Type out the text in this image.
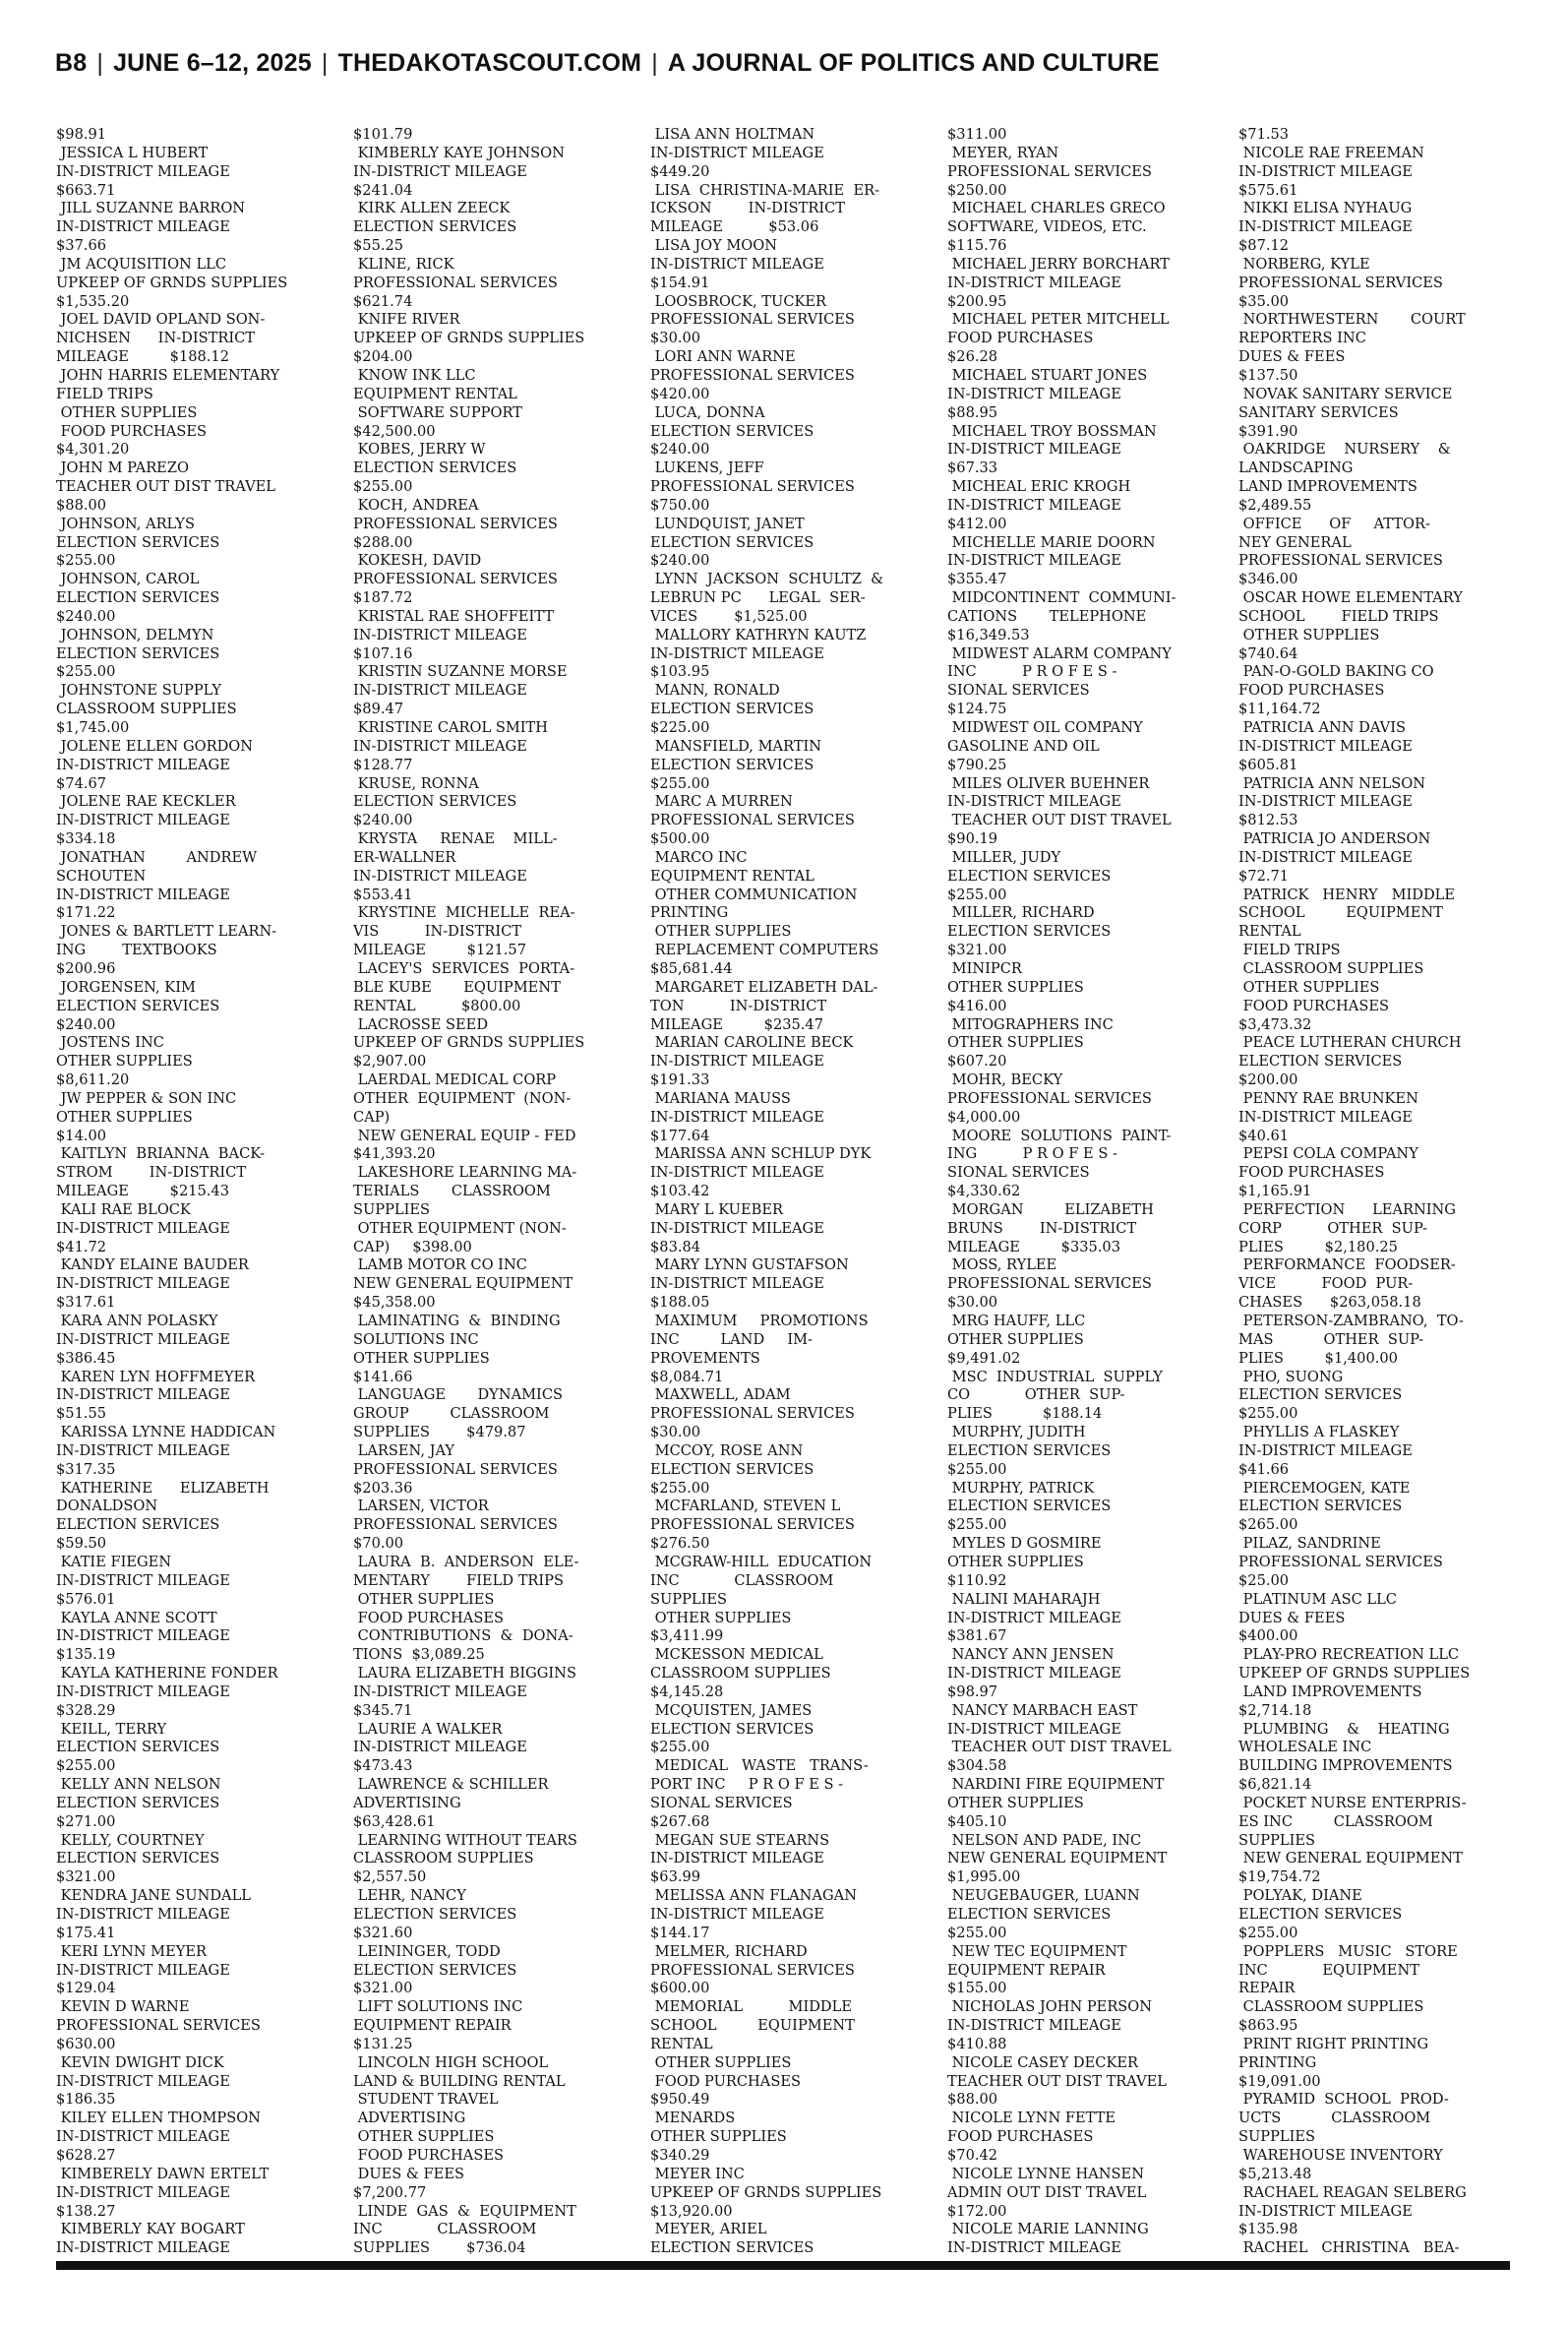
B8 | JUNE 6–12, 2025 | THEDAKOTASCOUT.COM | A JOURNAL OF POLITICS AND CULTURE
$98.91
JESSICA L HUBERT
IN-DISTRICT MILEAGE
$663.71
JILL SUZANNE BARRON
IN-DISTRICT MILEAGE
$37.66
JM ACQUISITION LLC
UPKEEP OF GRNDS SUPPLIES
$1,535.20
JOEL DAVID OPLAND SON-
NICHSEN      IN-DISTRICT
MILEAGE         $188.12
JOHN HARRIS ELEMENTARY
FIELD TRIPS
OTHER SUPPLIES
FOOD PURCHASES
$4,301.20
JOHN M PAREZO
TEACHER OUT DIST TRAVEL
$88.00
JOHNSON, ARLYS
ELECTION SERVICES
$255.00
JOHNSON, CAROL
ELECTION SERVICES
$240.00
JOHNSON, DELMYN
ELECTION SERVICES
$255.00
JOHNSTONE SUPPLY
CLASSROOM SUPPLIES
$1,745.00
JOLENE ELLEN GORDON
IN-DISTRICT MILEAGE
$74.67
JOLENE RAE KECKLER
IN-DISTRICT MILEAGE
$334.18
JONATHAN         ANDREW
SCHOUTEN
IN-DISTRICT MILEAGE
$171.22
JONES & BARTLETT LEARN-
ING        TEXTBOOKS
$200.96
JORGENSEN, KIM
ELECTION SERVICES
$240.00
JOSTENS INC
OTHER SUPPLIES
$8,611.20
JW PEPPER & SON INC
OTHER SUPPLIES
$14.00
KAITLYN  BRIANNA  BACK-
STROM        IN-DISTRICT
MILEAGE         $215.43
KALI RAE BLOCK
IN-DISTRICT MILEAGE
$41.72
KANDY ELAINE BAUDER
IN-DISTRICT MILEAGE
$317.61
KARA ANN POLASKY
IN-DISTRICT MILEAGE
$386.45
KAREN LYN HOFFMEYER
IN-DISTRICT MILEAGE
$51.55
KARISSA LYNNE HADDICAN
IN-DISTRICT MILEAGE
$317.35
KATHERINE      ELIZABETH
DONALDSON
ELECTION SERVICES
$59.50
KATIE FIEGEN
IN-DISTRICT MILEAGE
$576.01
KAYLA ANNE SCOTT
IN-DISTRICT MILEAGE
$135.19
KAYLA KATHERINE FONDER
IN-DISTRICT MILEAGE
$328.29
KEILL, TERRY
ELECTION SERVICES
$255.00
KELLY ANN NELSON
ELECTION SERVICES
$271.00
KELLY, COURTNEY
ELECTION SERVICES
$321.00
KENDRA JANE SUNDALL
IN-DISTRICT MILEAGE
$175.41
KERI LYNN MEYER
IN-DISTRICT MILEAGE
$129.04
KEVIN D WARNE
PROFESSIONAL SERVICES
$630.00
KEVIN DWIGHT DICK
IN-DISTRICT MILEAGE
$186.35
KILEY ELLEN THOMPSON
IN-DISTRICT MILEAGE
$628.27
KIMBERELY DAWN ERTELT
IN-DISTRICT MILEAGE
$138.27
KIMBERLY KAY BOGART
IN-DISTRICT MILEAGE
$101.79
KIMBERLY KAYE JOHNSON
IN-DISTRICT MILEAGE
$241.04
KIRK ALLEN ZEECK
ELECTION SERVICES
$55.25
KLINE, RICK
PROFESSIONAL SERVICES
$621.74
KNIFE RIVER
UPKEEP OF GRNDS SUPPLIES
$204.00
KNOW INK LLC
EQUIPMENT RENTAL
SOFTWARE SUPPORT
$42,500.00
KOBES, JERRY W
ELECTION SERVICES
$255.00
KOCH, ANDREA
PROFESSIONAL SERVICES
$288.00
KOKESH, DAVID
PROFESSIONAL SERVICES
$187.72
KRISTAL RAE SHOFFEITT
IN-DISTRICT MILEAGE
$107.16
KRISTIN SUZANNE MORSE
IN-DISTRICT MILEAGE
$89.47
KRISTINE CAROL SMITH
IN-DISTRICT MILEAGE
$128.77
KRUSE, RONNA
ELECTION SERVICES
$240.00
KRYSTA     RENAE    MILL-
ER-WALLNER
IN-DISTRICT MILEAGE
$553.41
KRYSTINE  MICHELLE  REA-
VIS          IN-DISTRICT
MILEAGE         $121.57
LACEY'S  SERVICES  PORTA-
BLE KUBE       EQUIPMENT
RENTAL          $800.00
LACROSSE SEED
UPKEEP OF GRNDS SUPPLIES
$2,907.00
LAERDAL MEDICAL CORP
OTHER  EQUIPMENT  (NON-
CAP)
NEW GENERAL EQUIP - FED
$41,393.20
LAKESHORE LEARNING MA-
TERIALS       CLASSROOM
SUPPLIES
OTHER EQUIPMENT (NON-
CAP)     $398.00
LAMB MOTOR CO INC
NEW GENERAL EQUIPMENT
$45,358.00
LAMINATING  &  BINDING
SOLUTIONS INC
OTHER SUPPLIES
$141.66
LANGUAGE       DYNAMICS
GROUP         CLASSROOM
SUPPLIES        $479.87
LARSEN, JAY
PROFESSIONAL SERVICES
$203.36
LARSEN, VICTOR
PROFESSIONAL SERVICES
$70.00
LAURA  B.  ANDERSON  ELE-
MENTARY        FIELD TRIPS
OTHER SUPPLIES
FOOD PURCHASES
CONTRIBUTIONS  &  DONA-
TIONS  $3,089.25
LAURA ELIZABETH BIGGINS
IN-DISTRICT MILEAGE
$345.71
LAURIE A WALKER
IN-DISTRICT MILEAGE
$473.43
LAWRENCE & SCHILLER
ADVERTISING
$63,428.61
LEARNING WITHOUT TEARS
CLASSROOM SUPPLIES
$2,557.50
LEHR, NANCY
ELECTION SERVICES
$321.60
LEININGER, TODD
ELECTION SERVICES
$321.00
LIFT SOLUTIONS INC
EQUIPMENT REPAIR
$131.25
LINCOLN HIGH SCHOOL
LAND & BUILDING RENTAL
STUDENT TRAVEL
ADVERTISING
OTHER SUPPLIES
FOOD PURCHASES
DUES & FEES
$7,200.77
LINDE  GAS  &  EQUIPMENT
INC            CLASSROOM
SUPPLIES        $736.04
LISA ANN HOLTMAN
IN-DISTRICT MILEAGE
$449.20
LISA  CHRISTINA-MARIE  ER-
ICKSON        IN-DISTRICT
MILEAGE          $53.06
LISA JOY MOON
IN-DISTRICT MILEAGE
$154.91
LOOSBROCK, TUCKER
PROFESSIONAL SERVICES
$30.00
LORI ANN WARNE
PROFESSIONAL SERVICES
$420.00
LUCA, DONNA
ELECTION SERVICES
$240.00
LUKENS, JEFF
PROFESSIONAL SERVICES
$750.00
LUNDQUIST, JANET
ELECTION SERVICES
$240.00
LYNN  JACKSON  SCHULTZ  &
LEBRUN PC      LEGAL  SER-
VICES        $1,525.00
MALLORY KATHRYN KAUTZ
IN-DISTRICT MILEAGE
$103.95
MANN, RONALD
ELECTION SERVICES
$225.00
MANSFIELD, MARTIN
ELECTION SERVICES
$255.00
MARC A MURREN
PROFESSIONAL SERVICES
$500.00
MARCO INC
EQUIPMENT RENTAL
OTHER COMMUNICATION
PRINTING
OTHER SUPPLIES
REPLACEMENT COMPUTERS
$85,681.44
MARGARET ELIZABETH DAL-
TON          IN-DISTRICT
MILEAGE         $235.47
MARIAN CAROLINE BECK
IN-DISTRICT MILEAGE
$191.33
MARIANA MAUSS
IN-DISTRICT MILEAGE
$177.64
MARISSA ANN SCHLUP DYK
IN-DISTRICT MILEAGE
$103.42
MARY L KUEBER
IN-DISTRICT MILEAGE
$83.84
MARY LYNN GUSTAFSON
IN-DISTRICT MILEAGE
$188.05
MAXIMUM     PROMOTIONS
INC         LAND     IM-
PROVEMENTS
$8,084.71
MAXWELL, ADAM
PROFESSIONAL SERVICES
$30.00
MCCOY, ROSE ANN
ELECTION SERVICES
$255.00
MCFARLAND, STEVEN L
PROFESSIONAL SERVICES
$276.50
MCGRAW-HILL  EDUCATION
INC            CLASSROOM
SUPPLIES
OTHER SUPPLIES
$3,411.99
MCKESSON MEDICAL
CLASSROOM SUPPLIES
$4,145.28
MCQUISTEN, JAMES
ELECTION SERVICES
$255.00
MEDICAL   WASTE   TRANS-
PORT INC     P R O F E S -
SIONAL SERVICES
$267.68
MEGAN SUE STEARNS
IN-DISTRICT MILEAGE
$63.99
MELISSA ANN FLANAGAN
IN-DISTRICT MILEAGE
$144.17
MELMER, RICHARD
PROFESSIONAL SERVICES
$600.00
MEMORIAL          MIDDLE
SCHOOL         EQUIPMENT
RENTAL
OTHER SUPPLIES
FOOD PURCHASES
$950.49
MENARDS
OTHER SUPPLIES
$340.29
MEYER INC
UPKEEP OF GRNDS SUPPLIES
$13,920.00
MEYER, ARIEL
ELECTION SERVICES
$311.00
MEYER, RYAN
PROFESSIONAL SERVICES
$250.00
MICHAEL CHARLES GRECO
SOFTWARE, VIDEOS, ETC.
$115.76
MICHAEL JERRY BORCHART
IN-DISTRICT MILEAGE
$200.95
MICHAEL PETER MITCHELL
FOOD PURCHASES
$26.28
MICHAEL STUART JONES
IN-DISTRICT MILEAGE
$88.95
MICHAEL TROY BOSSMAN
IN-DISTRICT MILEAGE
$67.33
MICHEAL ERIC KROGH
IN-DISTRICT MILEAGE
$412.00
MICHELLE MARIE DOORN
IN-DISTRICT MILEAGE
$355.47
MIDCONTINENT  COMMUNI-
CATIONS       TELEPHONE
$16,349.53
MIDWEST ALARM COMPANY
INC          P R O F E S -
SIONAL SERVICES
$124.75
MIDWEST OIL COMPANY
GASOLINE AND OIL
$790.25
MILES OLIVER BUEHNER
IN-DISTRICT MILEAGE
TEACHER OUT DIST TRAVEL
$90.19
MILLER, JUDY
ELECTION SERVICES
$255.00
MILLER, RICHARD
ELECTION SERVICES
$321.00
MINIPCR
OTHER SUPPLIES
$416.00
MITOGRAPHERS INC
OTHER SUPPLIES
$607.20
MOHR, BECKY
PROFESSIONAL SERVICES
$4,000.00
MOORE  SOLUTIONS  PAINT-
ING          P R O F E S -
SIONAL SERVICES
$4,330.62
MORGAN         ELIZABETH
BRUNS        IN-DISTRICT
MILEAGE         $335.03
MOSS, RYLEE
PROFESSIONAL SERVICES
$30.00
MRG HAUFF, LLC
OTHER SUPPLIES
$9,491.02
MSC  INDUSTRIAL  SUPPLY
CO            OTHER  SUP-
PLIES           $188.14
MURPHY, JUDITH
ELECTION SERVICES
$255.00
MURPHY, PATRICK
ELECTION SERVICES
$255.00
MYLES D GOSMIRE
OTHER SUPPLIES
$110.92
NALINI MAHARAJH
IN-DISTRICT MILEAGE
$381.67
NANCY ANN JENSEN
IN-DISTRICT MILEAGE
$98.97
NANCY MARBACH EAST
IN-DISTRICT MILEAGE
TEACHER OUT DIST TRAVEL
$304.58
NARDINI FIRE EQUIPMENT
OTHER SUPPLIES
$405.10
NELSON AND PADE, INC
NEW GENERAL EQUIPMENT
$1,995.00
NEUGEBAUGER, LUANN
ELECTION SERVICES
$255.00
NEW TEC EQUIPMENT
EQUIPMENT REPAIR
$155.00
NICHOLAS JOHN PERSON
IN-DISTRICT MILEAGE
$410.88
NICOLE CASEY DECKER
TEACHER OUT DIST TRAVEL
$88.00
NICOLE LYNN FETTE
FOOD PURCHASES
$70.42
NICOLE LYNNE HANSEN
ADMIN OUT DIST TRAVEL
$172.00
NICOLE MARIE LANNING
IN-DISTRICT MILEAGE
$71.53
NICOLE RAE FREEMAN
IN-DISTRICT MILEAGE
$575.61
NIKKI ELISA NYHAUG
IN-DISTRICT MILEAGE
$87.12
NORBERG, KYLE
PROFESSIONAL SERVICES
$35.00
NORTHWESTERN       COURT
REPORTERS INC
DUES & FEES
$137.50
NOVAK SANITARY SERVICE
SANITARY SERVICES
$391.90
OAKRIDGE    NURSERY    &
LANDSCAPING
LAND IMPROVEMENTS
$2,489.55
OFFICE      OF     ATTOR-
NEY GENERAL
PROFESSIONAL SERVICES
$346.00
OSCAR HOWE ELEMENTARY
SCHOOL        FIELD TRIPS
OTHER SUPPLIES
$740.64
PAN-O-GOLD BAKING CO
FOOD PURCHASES
$11,164.72
PATRICIA ANN DAVIS
IN-DISTRICT MILEAGE
$605.81
PATRICIA ANN NELSON
IN-DISTRICT MILEAGE
$812.53
PATRICIA JO ANDERSON
IN-DISTRICT MILEAGE
$72.71
PATRICK   HENRY   MIDDLE
SCHOOL         EQUIPMENT
RENTAL
FIELD TRIPS
CLASSROOM SUPPLIES
OTHER SUPPLIES
FOOD PURCHASES
$3,473.32
PEACE LUTHERAN CHURCH
ELECTION SERVICES
$200.00
PENNY RAE BRUNKEN
IN-DISTRICT MILEAGE
$40.61
PEPSI COLA COMPANY
FOOD PURCHASES
$1,165.91
PERFECTION      LEARNING
CORP          OTHER  SUP-
PLIES         $2,180.25
PERFORMANCE  FOODSER-
VICE          FOOD  PUR-
CHASES      $263,058.18
PETERSON-ZAMBRANO,  TO-
MAS           OTHER  SUP-
PLIES         $1,400.00
PHO, SUONG
ELECTION SERVICES
$255.00
PHYLLIS A FLASKEY
IN-DISTRICT MILEAGE
$41.66
PIERCEMOGEN, KATE
ELECTION SERVICES
$265.00
PILAZ, SANDRINE
PROFESSIONAL SERVICES
$25.00
PLATINUM ASC LLC
DUES & FEES
$400.00
PLAY-PRO RECREATION LLC
UPKEEP OF GRNDS SUPPLIES
LAND IMPROVEMENTS
$2,714.18
PLUMBING    &    HEATING
WHOLESALE INC
BUILDING IMPROVEMENTS
$6,821.14
POCKET NURSE ENTERPRIS-
ES INC         CLASSROOM
SUPPLIES
NEW GENERAL EQUIPMENT
$19,754.72
POLYAK, DIANE
ELECTION SERVICES
$255.00
POPPLERS   MUSIC   STORE
INC            EQUIPMENT
REPAIR
CLASSROOM SUPPLIES
$863.95
PRINT RIGHT PRINTING
PRINTING
$19,091.00
PYRAMID  SCHOOL  PROD-
UCTS           CLASSROOM
SUPPLIES
WAREHOUSE INVENTORY
$5,213.48
RACHAEL REAGAN SELBERG
IN-DISTRICT MILEAGE
$135.98
RACHEL   CHRISTINA   BEA-
